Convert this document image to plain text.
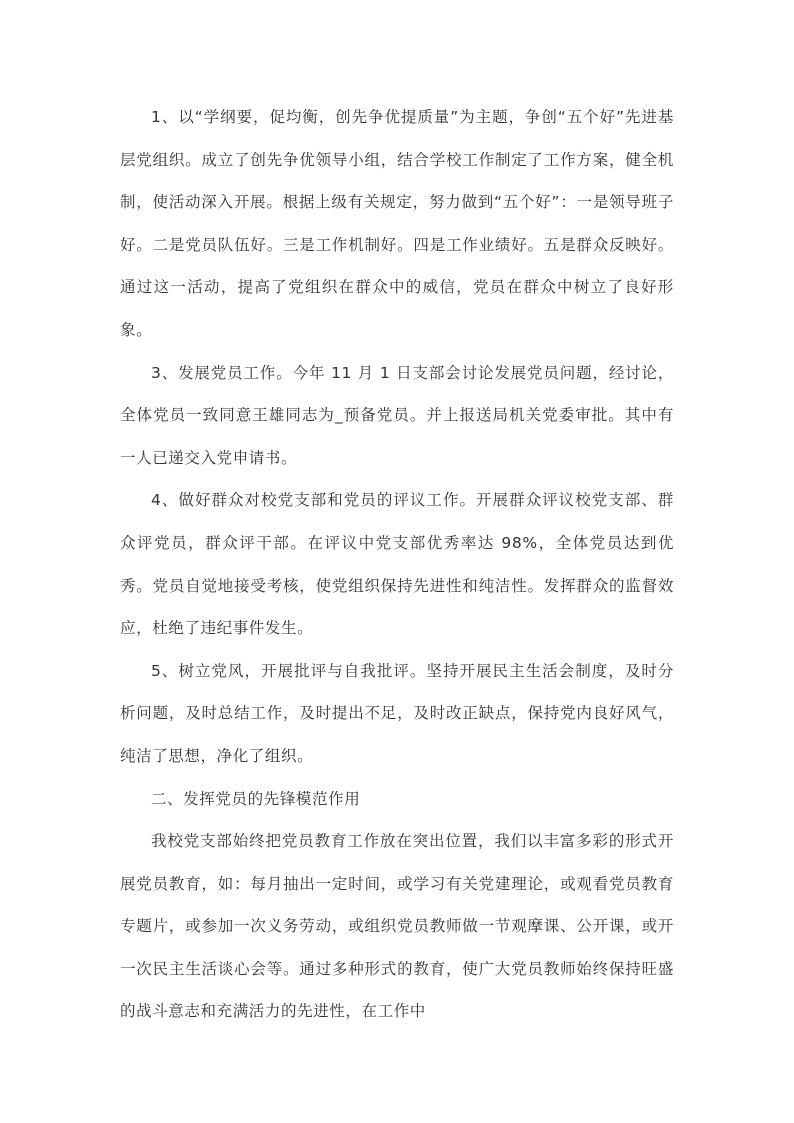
1、以“学纲要，促均衡，创先争优提质量”为主题，争创“五个好”先进基层党组织。成立了创先争优领导小组，结合学校工作制定了工作方案，健全机制，使活动深入开展。根据上级有关规定，努力做到“五个好”：一是领导班子好。二是党员队伍好。三是工作机制好。四是工作业绩好。五是群众反映好。通过这一活动，提高了党组织在群众中的威信，党员在群众中树立了良好形象。

3、发展党员工作。今年 11 月 1 日支部会讨论发展党员问题，经讨论，全体党员一致同意王雄同志为_预备党员。并上报送局机关党委审批。其中有一人已递交入党申请书。

4、做好群众对校党支部和党员的评议工作。开展群众评议校党支部、群众评党员，群众评干部。在评议中党支部优秀率达 98%，全体党员达到优秀。党员自觉地接受考核，使党组织保持先进性和纯洁性。发挥群众的监督效应，杜绝了违纪事件发生。

5、树立党风，开展批评与自我批评。坚持开展民主生活会制度，及时分析问题，及时总结工作，及时提出不足，及时改正缺点，保持党内良好风气，纯洁了思想，净化了组织。

二、发挥党员的先锋模范作用

我校党支部始终把党员教育工作放在突出位置，我们以丰富多彩的形式开展党员教育，如：每月抽出一定时间，或学习有关党建理论，或观看党员教育专题片，或参加一次义务劳动，或组织党员教师做一节观摩课、公开课，或开一次民主生活谈心会等。通过多种形式的教育，使广大党员教师始终保持旺盛的战斗意志和充满活力的先进性，在工作中
